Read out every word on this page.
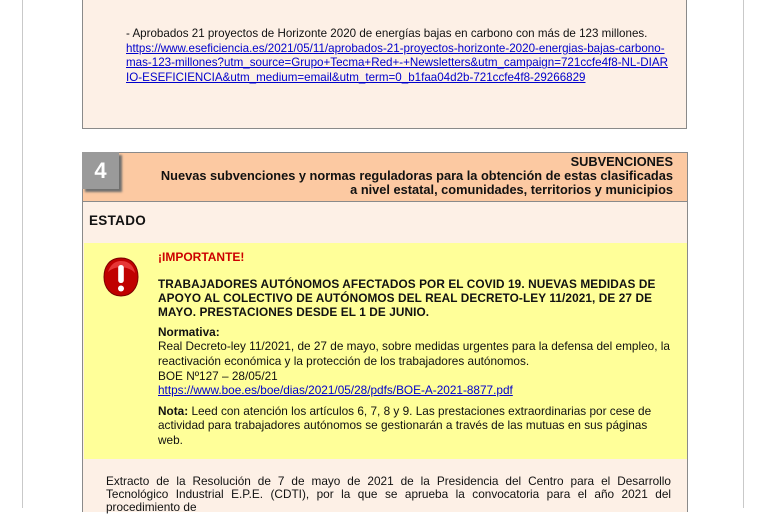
- Aprobados 21 proyectos de Horizonte 2020 de energías bajas en carbono con más de 123 millones.
https://www.eseficiencia.es/2021/05/11/aprobados-21-proyectos-horizonte-2020-energias-bajas-carbono-mas-123-millones?utm_source=Grupo+Tecma+Red+-+Newsletters&utm_campaign=721ccfe4f8-NL-DIARIO-ESEFICIENCIA&utm_medium=email&utm_term=0_b1faa04d2b-721ccfe4f8-29266829
4	SUBVENCIONES
Nuevas subvenciones y normas reguladoras para la obtención de estas clasificadas a nivel estatal, comunidades, territorios y municipios
ESTADO
¡IMPORTANTE!
TRABAJADORES AUTÓNOMOS AFECTADOS POR EL COVID 19. NUEVAS MEDIDAS DE APOYO AL COLECTIVO DE AUTÓNOMOS DEL REAL DECRETO-LEY 11/2021, DE 27 DE MAYO. PRESTACIONES DESDE EL 1 DE JUNIO.
Normativa:
Real Decreto-ley 11/2021, de 27 de mayo, sobre medidas urgentes para la defensa del empleo, la reactivación económica y la protección de los trabajadores autónomos.
BOE Nº127 – 28/05/21
https://www.boe.es/boe/dias/2021/05/28/pdfs/BOE-A-2021-8877.pdf
Nota: Leed con atención los artículos 6, 7, 8 y 9. Las prestaciones extraordinarias por cese de actividad para trabajadores autónomos se gestionarán a través de las mutuas en sus páginas web.
Extracto de la Resolución de 7 de mayo de 2021 de la Presidencia del Centro para el Desarrollo Tecnológico Industrial E.P.E. (CDTI), por la que se aprueba la convocatoria para el año 2021 del procedimiento de
